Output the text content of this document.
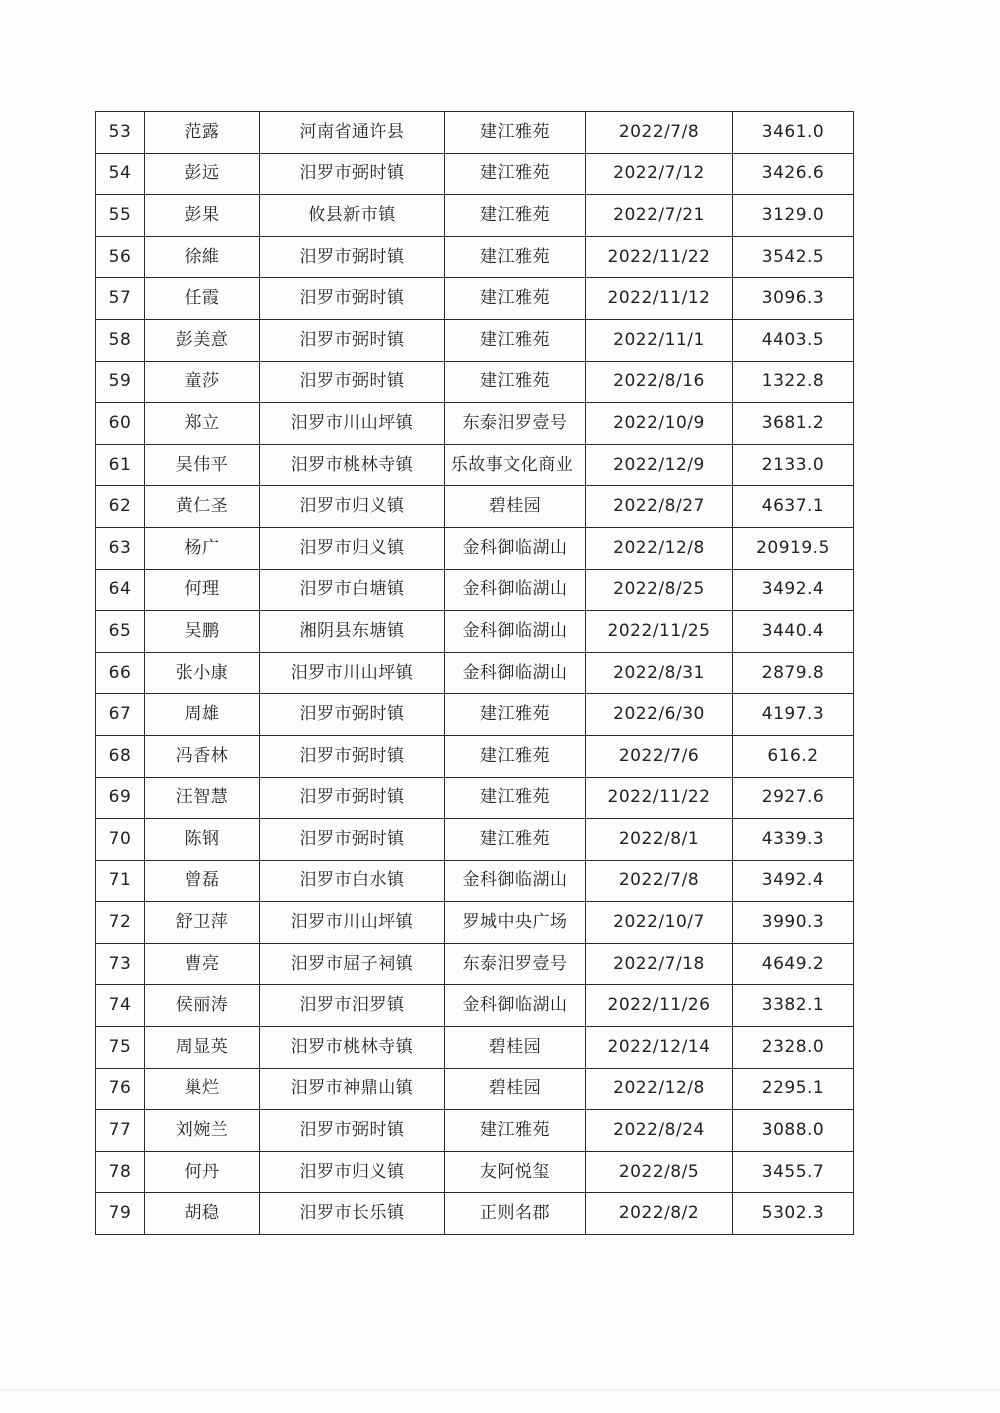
53	范露	河南省通许县	建江雅苑	2022/7/8	3461.0
54	彭远	汨罗市弼时镇	建江雅苑	2022/7/12	3426.6
55	彭果	攸县新市镇	建江雅苑	2022/7/21	3129.0
56	徐維	汨罗市弼时镇	建江雅苑	2022/11/22	3542.5
57	任霞	汨罗市弼时镇	建江雅苑	2022/11/12	3096.3
58	彭美意	汨罗市弼时镇	建江雅苑	2022/11/1	4403.5
59	童莎	汨罗市弼时镇	建江雅苑	2022/8/16	1322.8
60	郑立	汨罗市川山坪镇	东泰汨罗壹号	2022/10/9	3681.2
61	吴伟平	汨罗市桃林寺镇	乐故事文化商业	2022/12/9	2133.0
62	黄仁圣	汨罗市归义镇	碧桂园	2022/8/27	4637.1
63	杨广	汨罗市归义镇	金科御临湖山	2022/12/8	20919.5
64	何理	汨罗市白塘镇	金科御临湖山	2022/8/25	3492.4
65	吴鹏	湘阴县东塘镇	金科御临湖山	2022/11/25	3440.4
66	张小康	汨罗市川山坪镇	金科御临湖山	2022/8/31	2879.8
67	周雄	汨罗市弼时镇	建江雅苑	2022/6/30	4197.3
68	冯香林	汨罗市弼时镇	建江雅苑	2022/7/6	616.2
69	汪智慧	汨罗市弼时镇	建江雅苑	2022/11/22	2927.6
70	陈钢	汨罗市弼时镇	建江雅苑	2022/8/1	4339.3
71	曾磊	汨罗市白水镇	金科御临湖山	2022/7/8	3492.4
72	舒卫萍	汨罗市川山坪镇	罗城中央广场	2022/10/7	3990.3
73	曹亮	汨罗市屈子祠镇	东泰汨罗壹号	2022/7/18	4649.2
74	侯丽涛	汨罗市汨罗镇	金科御临湖山	2022/11/26	3382.1
75	周显英	汨罗市桃林寺镇	碧桂园	2022/12/14	2328.0
76	巢烂	汨罗市神鼎山镇	碧桂园	2022/12/8	2295.1
77	刘婉兰	汨罗市弼时镇	建江雅苑	2022/8/24	3088.0
78	何丹	汨罗市归义镇	友阿悦玺	2022/8/5	3455.7
79	胡稳	汨罗市长乐镇	正则名郡	2022/8/2	5302.3
